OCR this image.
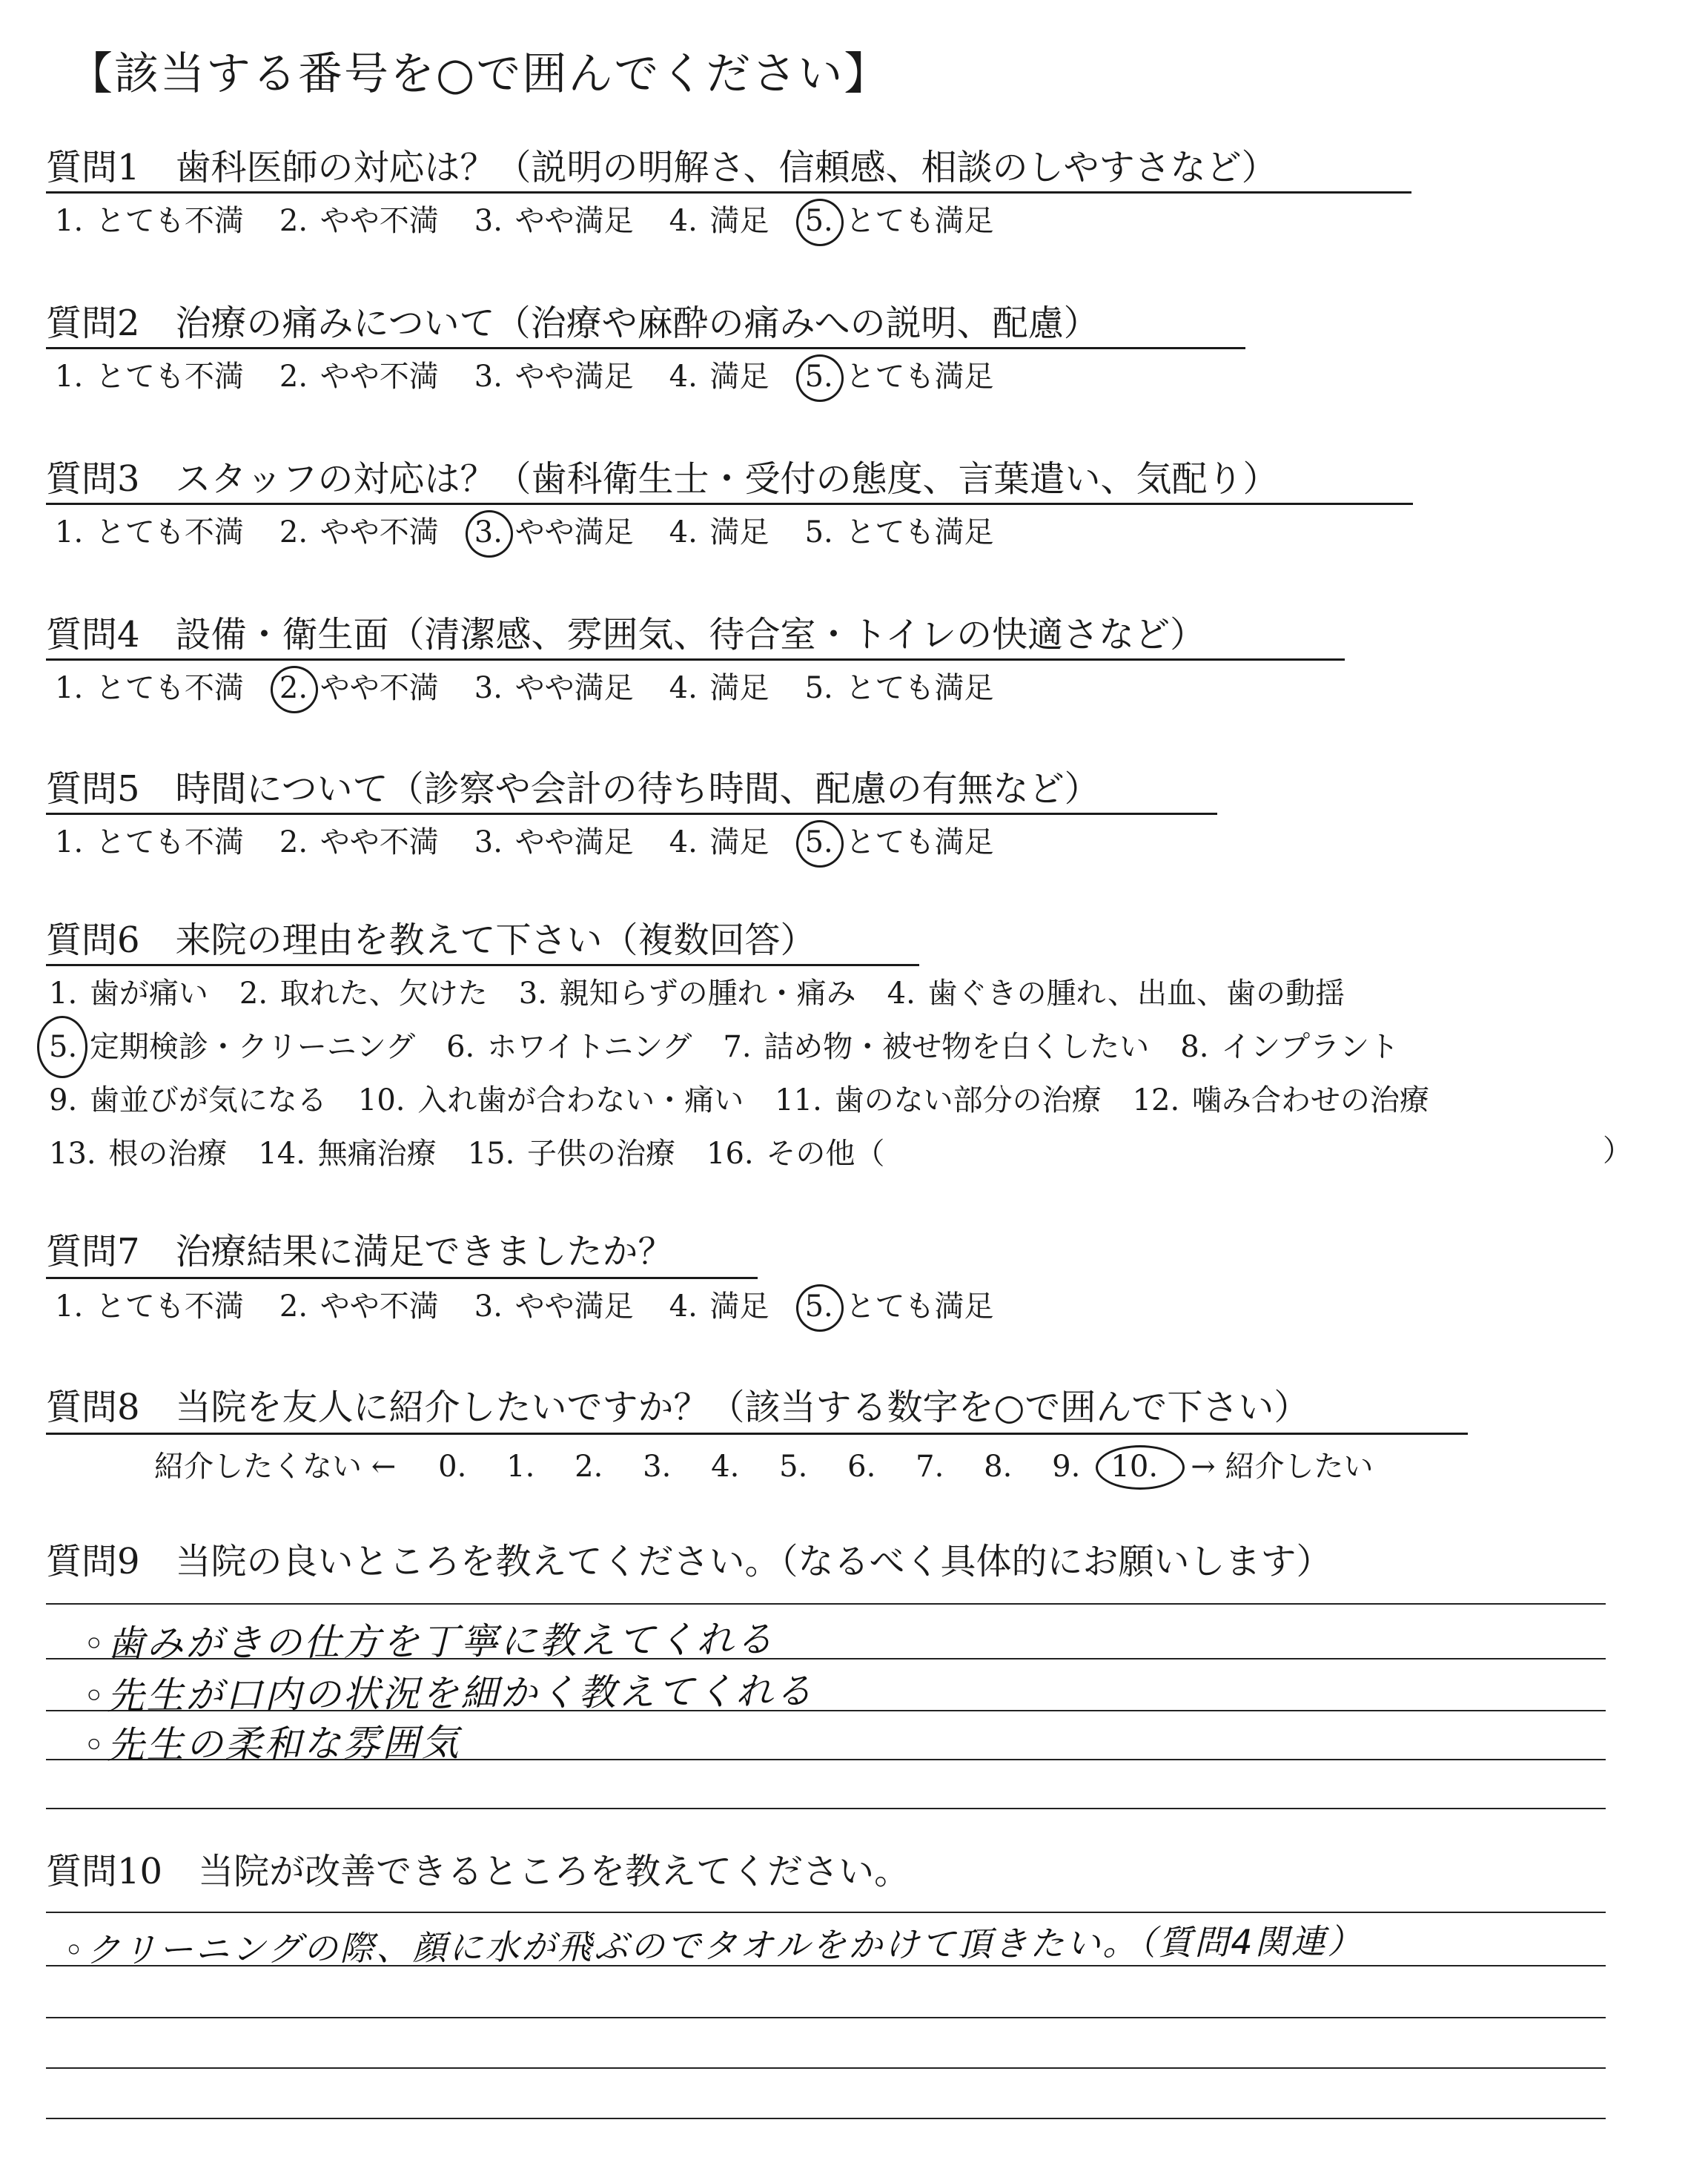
【該当する番号を○で囲んでください】
質問1　歯科医師の対応は？（説明の明解さ、信頼感、相談のしやすさなど）
1. とても不満 2. やや不満 3. やや満足 4. 満足 5. とても満足
質問2　治療の痛みについて（治療や麻酔の痛みへの説明、配慮）
1. とても不満 2. やや不満 3. やや満足 4. 満足 5. とても満足
質問3　スタッフの対応は？（歯科衛生士・受付の態度、言葉遣い、気配り）
1. とても不満 2. やや不満 3. やや満足 4. 満足 5. とても満足
質問4　設備・衛生面（清潔感、雰囲気、待合室・トイレの快適さなど）
1. とても不満 2. やや不満 3. やや満足 4. 満足 5. とても満足
質問5　時間について（診察や会計の待ち時間、配慮の有無など）
1. とても不満 2. やや不満 3. やや満足 4. 満足 5. とても満足
質問6　来院の理由を教えて下さい（複数回答）
1. 歯が痛い 2. 取れた、欠けた 3. 親知らずの腫れ・痛み 4. 歯ぐきの腫れ、出血、歯の動揺
5. 定期検診・クリーニング 6. ホワイトニング 7. 詰め物・被せ物を白くしたい 8. インプラント
9. 歯並びが気になる 10. 入れ歯が合わない・痛い 11. 歯のない部分の治療 12. 噛み合わせの治療
13. 根の治療 14. 無痛治療 15. 子供の治療 16. その他（	）
質問7　治療結果に満足できましたか？
1. とても不満 2. やや不満 3. やや満足 4. 満足 5. とても満足
質問8　当院を友人に紹介したいですか？（該当する数字を○で囲んで下さい）
紹介したくない ← 0. 1. 2. 3. 4. 5. 6. 7. 8. 9. 10. → 紹介したい
質問9　当院の良いところを教えてください。（なるべく具体的にお願いします）
◦歯みがきの仕方を丁寧に教えてくれる
◦先生が口内の状況を細かく教えてくれる
◦先生の柔和な雰囲気
質問10　当院が改善できるところを教えてください。
◦クリーニングの際、顔に水が飛ぶのでタオルをかけて頂きたい。（質問4関連）
